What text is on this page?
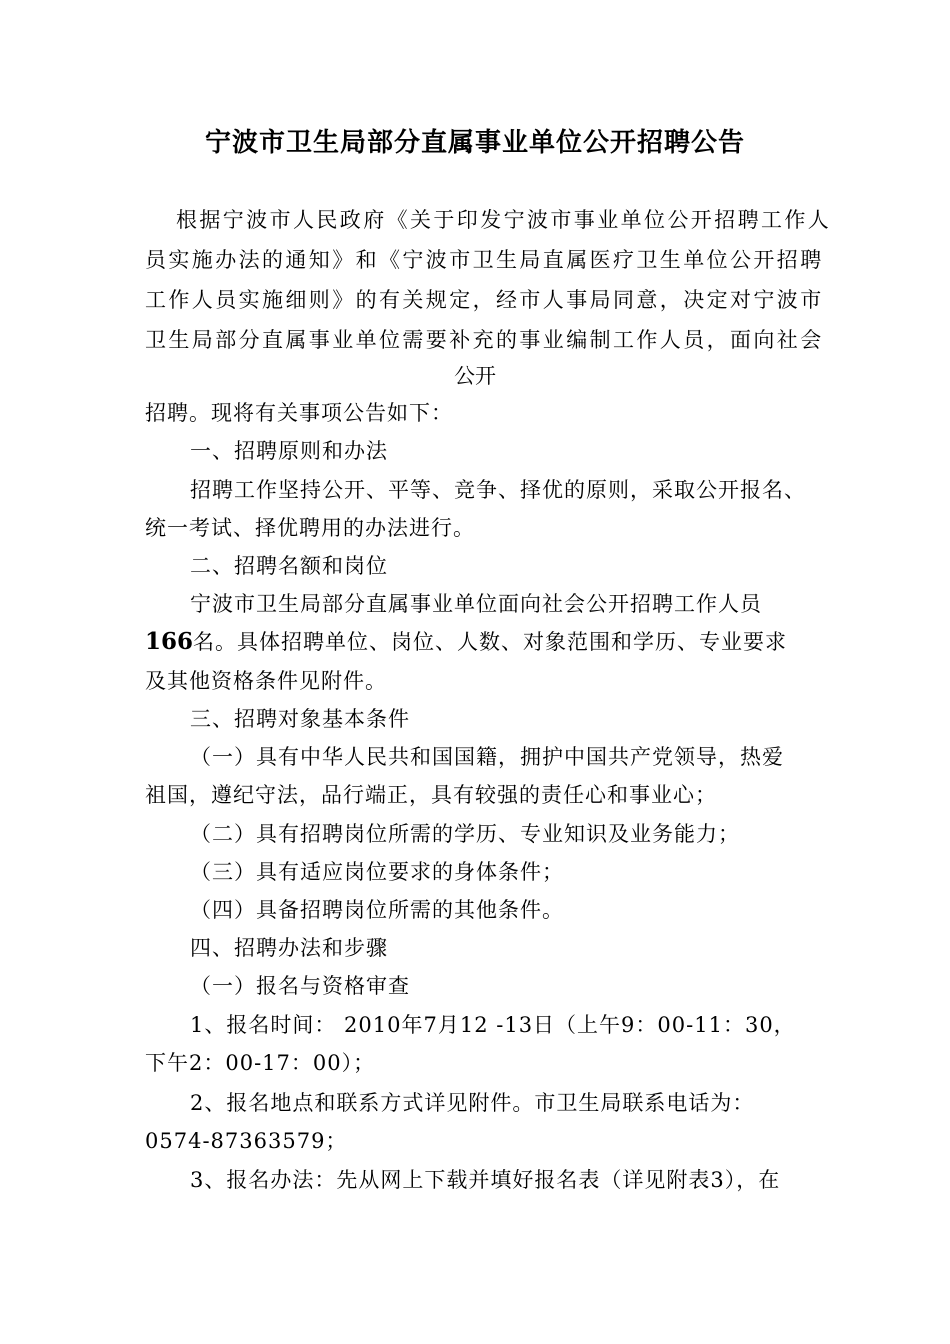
宁波市卫生局部分直属事业单位公开招聘公告
根据宁波市人民政府《关于印发宁波市事业单位公开招聘工作人
员实施办法的通知》和《宁波市卫生局直属医疗卫生单位公开招聘
工作人员实施细则》的有关规定，经市人事局同意，决定对宁波市
卫生局部分直属事业单位需要补充的事业编制工作人员，面向社会
公开
招聘。现将有关事项公告如下：
一、招聘原则和办法
招聘工作坚持公开、平等、竞争、择优的原则，采取公开报名、
统一考试、择优聘用的办法进行。
二、招聘名额和岗位
宁波市卫生局部分直属事业单位面向社会公开招聘工作人员
166名。具体招聘单位、岗位、人数、对象范围和学历、专业要求
及其他资格条件见附件。
三、招聘对象基本条件
（一）具有中华人民共和国国籍，拥护中国共产党领导，热爱
祖国，遵纪守法，品行端正，具有较强的责任心和事业心；
（二）具有招聘岗位所需的学历、专业知识及业务能力；
（三）具有适应岗位要求的身体条件；
（四）具备招聘岗位所需的其他条件。
四、招聘办法和步骤
（一）报名与资格审查
1、报名时间： 2010年7月12 -13日（上午9：00-11：30，
下午2：00-17：00）；
2、报名地点和联系方式详见附件。市卫生局联系电话为：
0574-87363579；
3、报名办法：先从网上下载并填好报名表（详见附表3），在
